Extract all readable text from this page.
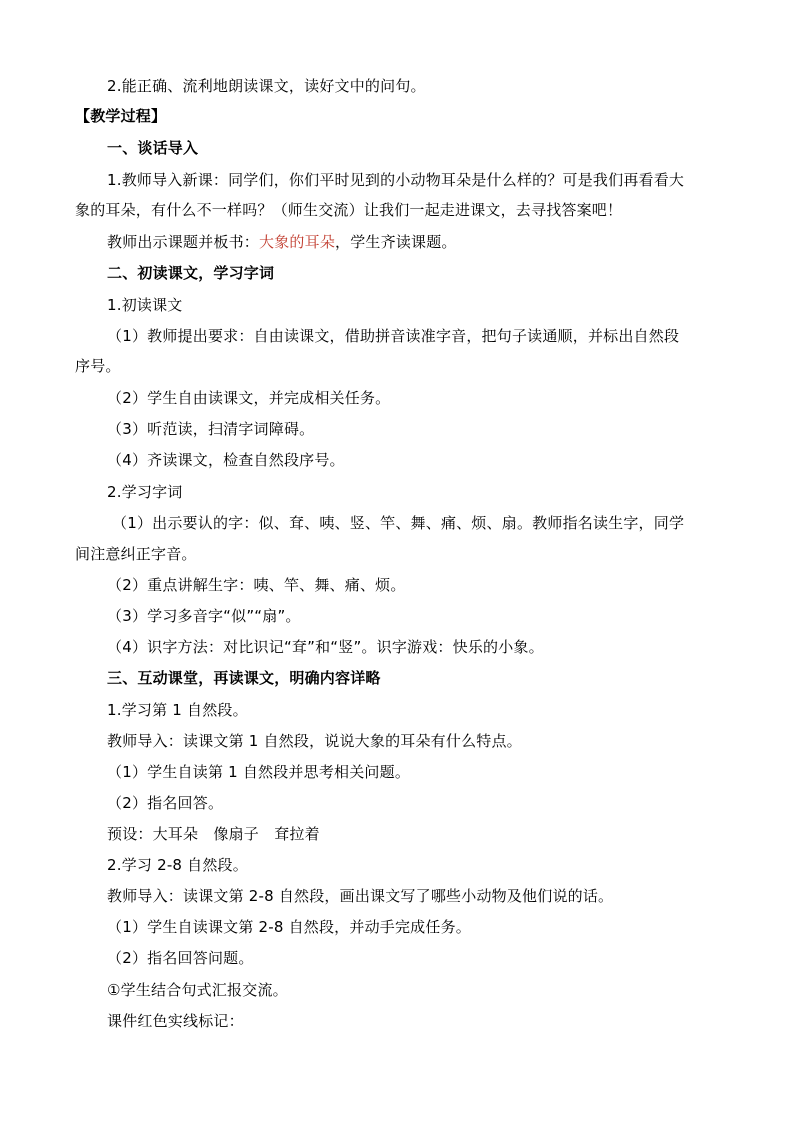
2.能正确、流利地朗读课文，读好文中的问句。
【教学过程】
一、谈话导入
1.教师导入新课：同学们，你们平时见到的小动物耳朵是什么样的？可是我们再看看大
象的耳朵，有什么不一样吗？（师生交流）让我们一起走进课文，去寻找答案吧！
教师出示课题并板书：大象的耳朵，学生齐读课题。
二、初读课文，学习字词
1.初读课文
（1）教师提出要求：自由读课文，借助拼音读准字音，把句子读通顺，并标出自然段
序号。
（2）学生自由读课文，并完成相关任务。
（3）听范读，扫清字词障碍。
（4）齐读课文，检查自然段序号。
2.学习字词
（1）出示要认的字：似、耷、咦、竖、竿、舞、痛、烦、扇。教师指名读生字，同学
间注意纠正字音。
（2）重点讲解生字：咦、竿、舞、痛、烦。
（3）学习多音字“似”“扇”。
（4）识字方法：对比识记“耷”和“竖”。识字游戏：快乐的小象。
三、互动课堂，再读课文，明确内容详略
1.学习第 1 自然段。
教师导入：读课文第 1 自然段，说说大象的耳朵有什么特点。
（1）学生自读第 1 自然段并思考相关问题。
（2）指名回答。
预设：大耳朵　像扇子　耷拉着
2.学习 2-8 自然段。
教师导入：读课文第 2-8 自然段，画出课文写了哪些小动物及他们说的话。
（1）学生自读课文第 2-8 自然段，并动手完成任务。
（2）指名回答问题。
①学生结合句式汇报交流。
课件红色实线标记：
